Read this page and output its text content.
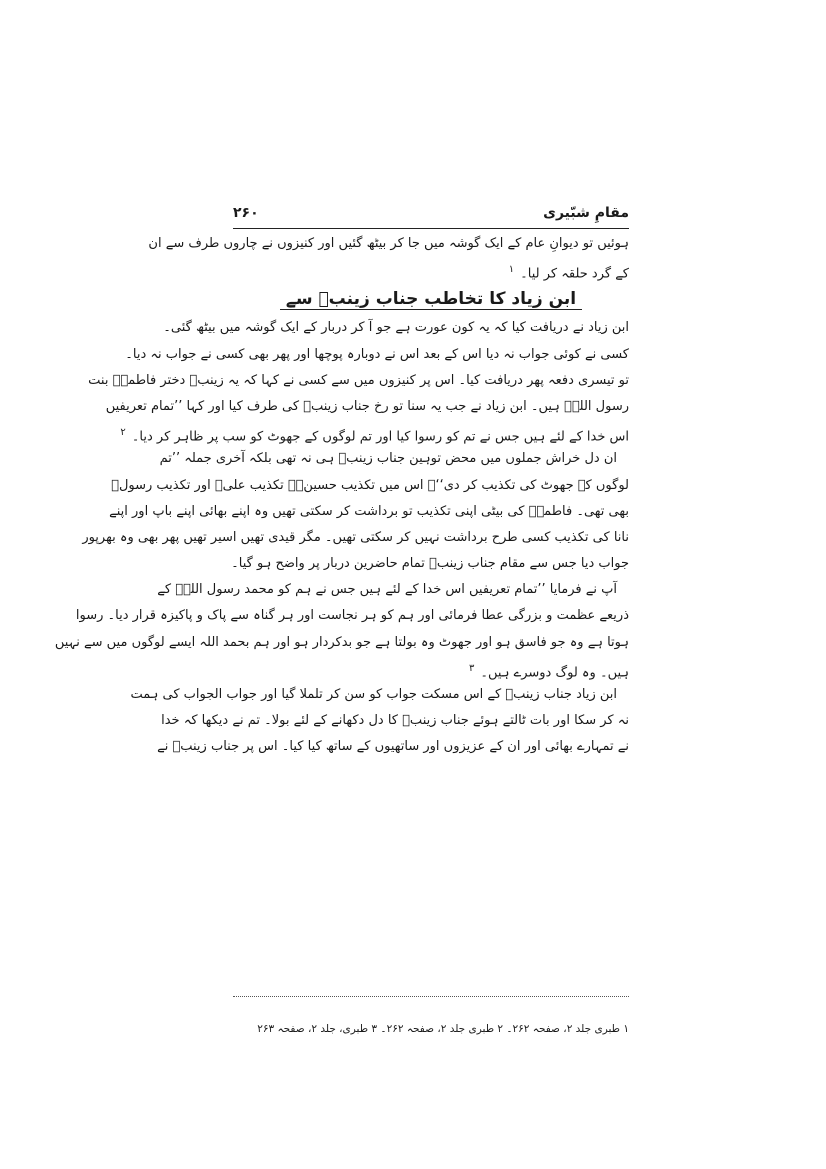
مقامِ شبّیری
۲۶۰
ہوئیں تو دیوانِ عام کے ایک گوشہ میں جا کر بیٹھ گئیں اور کنیزوں نے چاروں طرف سے ان
کے گرد حلقہ کر لیا۔$^۱$
ابن زیاد کا تخاطب جناب زینبؑ سے
ابن زیاد نے دریافت کیا کہ یہ کون عورت ہے جو آ کر دربار کے ایک گوشہ میں بیٹھ گئی۔
کسی نے کوئی جواب نہ دیا اس کے بعد اس نے دوبارہ پوچھا اور پھر بھی کسی نے جواب نہ دیا۔
تو تیسری دفعہ پھر دریافت کیا۔ اس پر کنیزوں میں سے کسی نے کہا کہ یہ زینبؑ دختر فاطمہؑ بنت
رسول اللہؐ ہیں۔ ابن زیاد نے جب یہ سنا تو رخ جناب زینبؑ کی طرف کیا اور کہا ’’تمام تعریفیں
اس خدا کے لئے ہیں جس نے تم کو رسوا کیا اور تم لوگوں کے جھوٹ کو سب پر ظاہر کر دیا۔$^۲$
ان دل خراش جملوں میں محض توہین جناب زینبؑ ہی نہ تھی بلکہ آخری جملہ ’’تم
لوگوں کے جھوٹ کی تکذیب کر دی‘‘۔ اس میں تکذیب حسینؑ۔ تکذیب علیؑ اور تکذیب رسولؐ
بھی تھی۔ فاطمہؑ کی بیٹی اپنی تکذیب تو برداشت کر سکتی تھیں وہ اپنے بھائی اپنے باپ اور اپنے
نانا کی تکذیب کسی طرح برداشت نہیں کر سکتی تھیں۔ مگر قیدی تھیں اسیر تھیں پھر بھی وہ بھرپور
جواب دیا جس سے مقام جناب زینبؑ تمام حاضرین دربار پر واضح ہو گیا۔
آپ نے فرمایا ’’تمام تعریفیں اس خدا کے لئے ہیں جس نے ہم کو محمد رسول اللہؐ کے
ذریعے عظمت و بزرگی عطا فرمائی اور ہم کو ہر نجاست اور ہر گناہ سے پاک و پاکیزہ قرار دیا۔ رسوا
ہوتا ہے وہ جو فاسق ہو اور جھوٹ وہ بولتا ہے جو بدکردار ہو اور ہم بحمد اللہ ایسے لوگوں میں سے نہیں
ہیں۔ وہ لوگ دوسرے ہیں۔$^۳$
ابن زیاد جناب زینبؑ کے اس مسکت جواب کو سن کر تلملا گیا اور جواب الجواب کی ہمت
نہ کر سکا اور بات ٹالتے ہوئے جناب زینبؑ کا دل دکھانے کے لئے بولا۔ تم نے دیکھا کہ خدا
نے تمہارے بھائی اور ان کے عزیزوں اور ساتھیوں کے ساتھ کیا کیا۔ اس پر جناب زینبؑ نے
۱ طبری جلد ۲، صفحہ ۲۶۲۔ ۲ طبری جلد ۲، صفحہ ۲۶۲۔ ۳ طبری، جلد ۲، صفحہ ۲۶۳
